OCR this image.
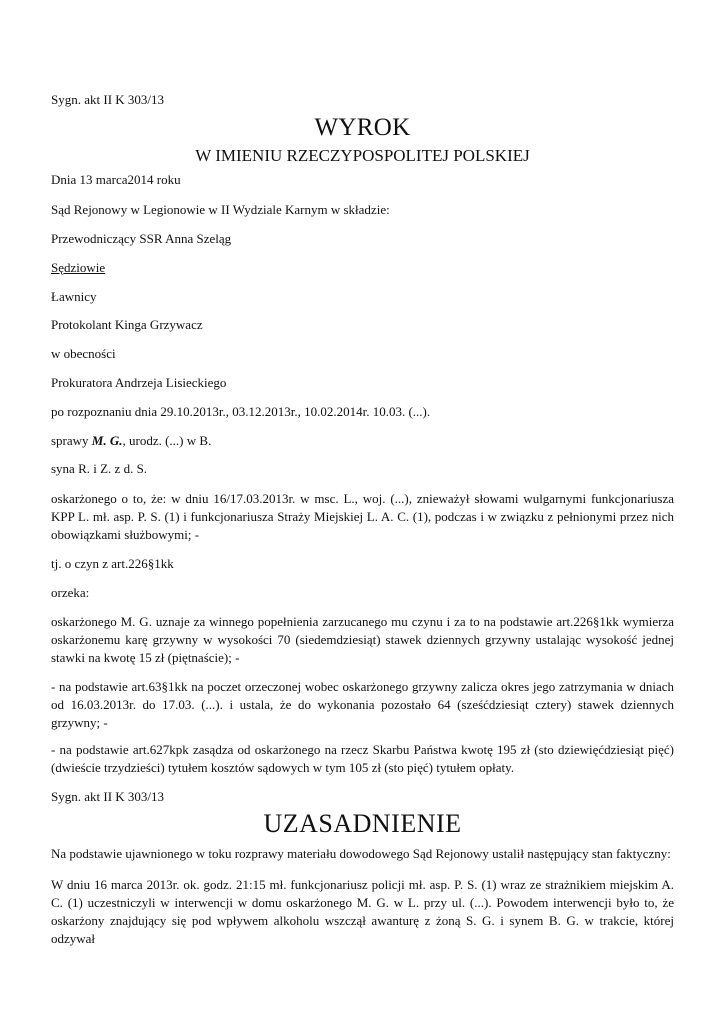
Sygn. akt II K 303/13

WYROK

W IMIENIU RZECZYPOSPOLITEJ POLSKIEJ

Dnia 13 marca2014 roku

Sąd Rejonowy w Legionowie w II Wydziale Karnym w składzie:

Przewodniczący SSR Anna Szeląg

Sędziowie

Ławnicy

Protokolant Kinga Grzywacz

w obecności

Prokuratora Andrzeja Lisieckiego

po rozpoznaniu dnia 29.10.2013r., 03.12.2013r., 10.02.2014r. 10.03. (...).

sprawy M. G., urodz. (...) w B.

syna R. i Z. z d. S.

oskarżonego o to, że: w dniu 16/17.03.2013r. w msc. L., woj. (...), znieważył słowami wulgarnymi funkcjonariusza KPP L. mł. asp. P. S. (1) i funkcjonariusza Straży Miejskiej L. A. C. (1), podczas i w związku z pełnionymi przez nich obowiązkami służbowymi; -

tj. o czyn z art.226§1kk

orzeka:

oskarżonego M. G. uznaje za winnego popełnienia zarzucanego mu czynu i za to na podstawie art.226§1kk wymierza oskarżonemu karę grzywny w wysokości 70 (siedemdziesiąt) stawek dziennych grzywny ustalając wysokość jednej stawki na kwotę 15 zł (piętnaście); -

- na podstawie art.63§1kk na poczet orzeczonej wobec oskarżonego grzywny zalicza okres jego zatrzymania w dniach od 16.03.2013r. do 17.03. (...). i ustala, że do wykonania pozostało 64 (sześćdziesiąt cztery) stawek dziennych grzywny; -

- na podstawie art.627kpk zasądza od oskarżonego na rzecz Skarbu Państwa kwotę 195 zł (sto dziewięćdziesiąt pięć) (dwieście trzydzieści) tytułem kosztów sądowych w tym 105 zł (sto pięć) tytułem opłaty.

Sygn. akt II K 303/13

UZASADNIENIE

Na podstawie ujawnionego w toku rozprawy materiału dowodowego Sąd Rejonowy ustalił następujący stan faktyczny:

W dniu 16 marca 2013r. ok. godz. 21:15 mł. funkcjonariusz policji mł. asp. P. S. (1) wraz ze strażnikiem miejskim A. C. (1) uczestniczyli w interwencji w domu oskarżonego M. G. w L. przy ul. (...). Powodem interwencji było to, że oskarżony znajdujący się pod wpływem alkoholu wszczął awanturę z żoną S. G. i synem B. G. w trakcie, której odzywał
